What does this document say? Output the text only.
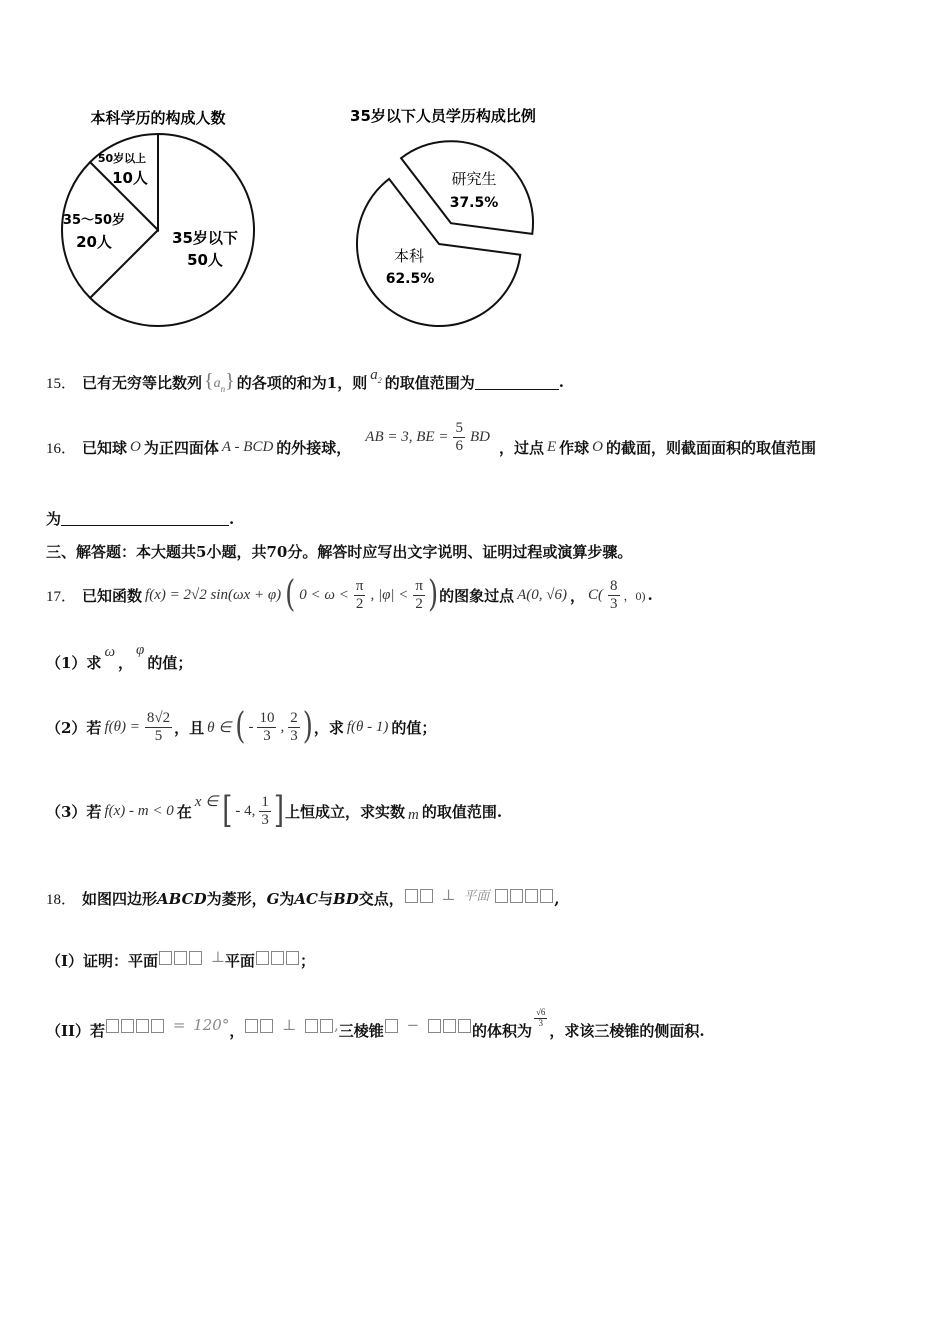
本科学历的构成人数
35岁以下
50人
35～50岁
20人
50岁以上
10人
35岁以下人员学历构成比例
本科
62.5%
研究生
37.5%
15． 已有无穷等比数列 $\{a_n\}$ 的各项的和为1，则 $a_2$ 的取值范围为	.
16． 已知球 O 为正四面体 A - BCD 的外接球，
AB = 3, BE = $\frac{5}{6}$ BD
，过点 E 作球 O 的截面，则截面面积的取值范围
为	.
三、解答题：本大题共5小题，共70分。解答时应写出文字说明、证明过程或演算步骤。
17． 已知函数 f(x) = 2√2 sin(ωx + φ) ( $0 < \omega < \frac{\pi}{2}$ , $|\varphi| < \frac{\pi}{2}$ ) 的图象过点 A(0, √6) ， $C( \frac{8}{3}$ ，0) .
（1）求
ω
，
φ
的值；
（2）若 $f(\theta) = \frac{8√2}{5}$ ，且 θ ∈ ( - $\frac{10}{3}$ , $\frac{2}{3}$ ) ，求 f(θ - 1) 的值；
（3）若 f(x) - m < 0 在
x ∈ [ - 4, $\frac{1}{3}$ ] 上恒成立，求实数 m 的取值范围.
18． 如图四边形 ABCD 为菱形， G 为 AC 与 BD 交点，	⊥ 平面	,
（I）证明：平面	⊥ 平面	；
（II）若	= 120° ，	⊥	, 三棱锥	−	的体积为
$\frac{√6}{3}$
，求该三棱锥的侧面积.
